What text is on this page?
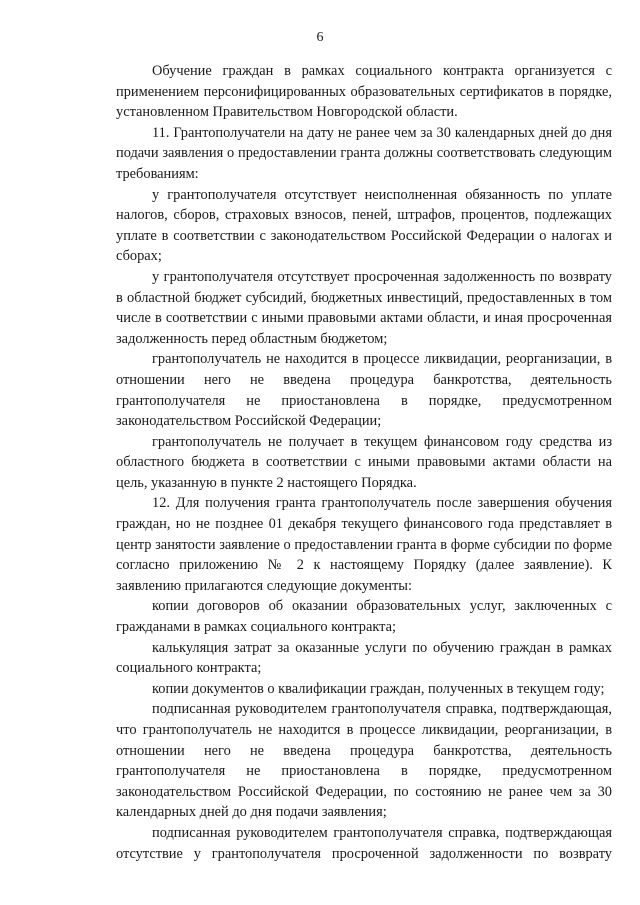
6

Обучение граждан в рамках социального контракта организуется с применением персонифицированных образовательных сертификатов в порядке, установленном Правительством Новгородской области.

11. Грантополучатели на дату не ранее чем за 30 календарных дней до дня подачи заявления о предоставлении гранта должны соответствовать следующим требованиям:

у грантополучателя отсутствует неисполненная обязанность по уплате налогов, сборов, страховых взносов, пеней, штрафов, процентов, подлежащих уплате в соответствии с законодательством Российской Федерации о налогах и сборах;

у грантополучателя отсутствует просроченная задолженность по возврату в областной бюджет субсидий, бюджетных инвестиций, предоставленных в том числе в соответствии с иными правовыми актами области, и иная просроченная задолженность перед областным бюджетом;

грантополучатель не находится в процессе ликвидации, реорганизации, в отношении него не введена процедура банкротства, деятельность грантополучателя не приостановлена в порядке, предусмотренном законодательством Российской Федерации;

грантополучатель не получает в текущем финансовом году средства из областного бюджета в соответствии с иными правовыми актами области на цель, указанную в пункте 2 настоящего Порядка.

12. Для получения гранта грантополучатель после завершения обучения граждан, но не позднее 01 декабря текущего финансового года представляет в центр занятости заявление о предоставлении гранта в форме субсидии по форме согласно приложению № 2 к настоящему Порядку (далее заявление). К заявлению прилагаются следующие документы:

копии договоров об оказании образовательных услуг, заключенных с гражданами в рамках социального контракта;

калькуляция затрат за оказанные услуги по обучению граждан в рамках социального контракта;

копии документов о квалификации граждан, полученных в текущем году;

подписанная руководителем грантополучателя справка, подтверждающая, что грантополучатель не находится в процессе ликвидации, реорганизации, в отношении него не введена процедура банкротства, деятельность грантополучателя не приостановлена в порядке, предусмотренном законодательством Российской Федерации, по состоянию не ранее чем за 30 календарных дней до дня подачи заявления;

подписанная руководителем грантополучателя справка, подтверждающая отсутствие у грантополучателя просроченной задолженности по возврату
